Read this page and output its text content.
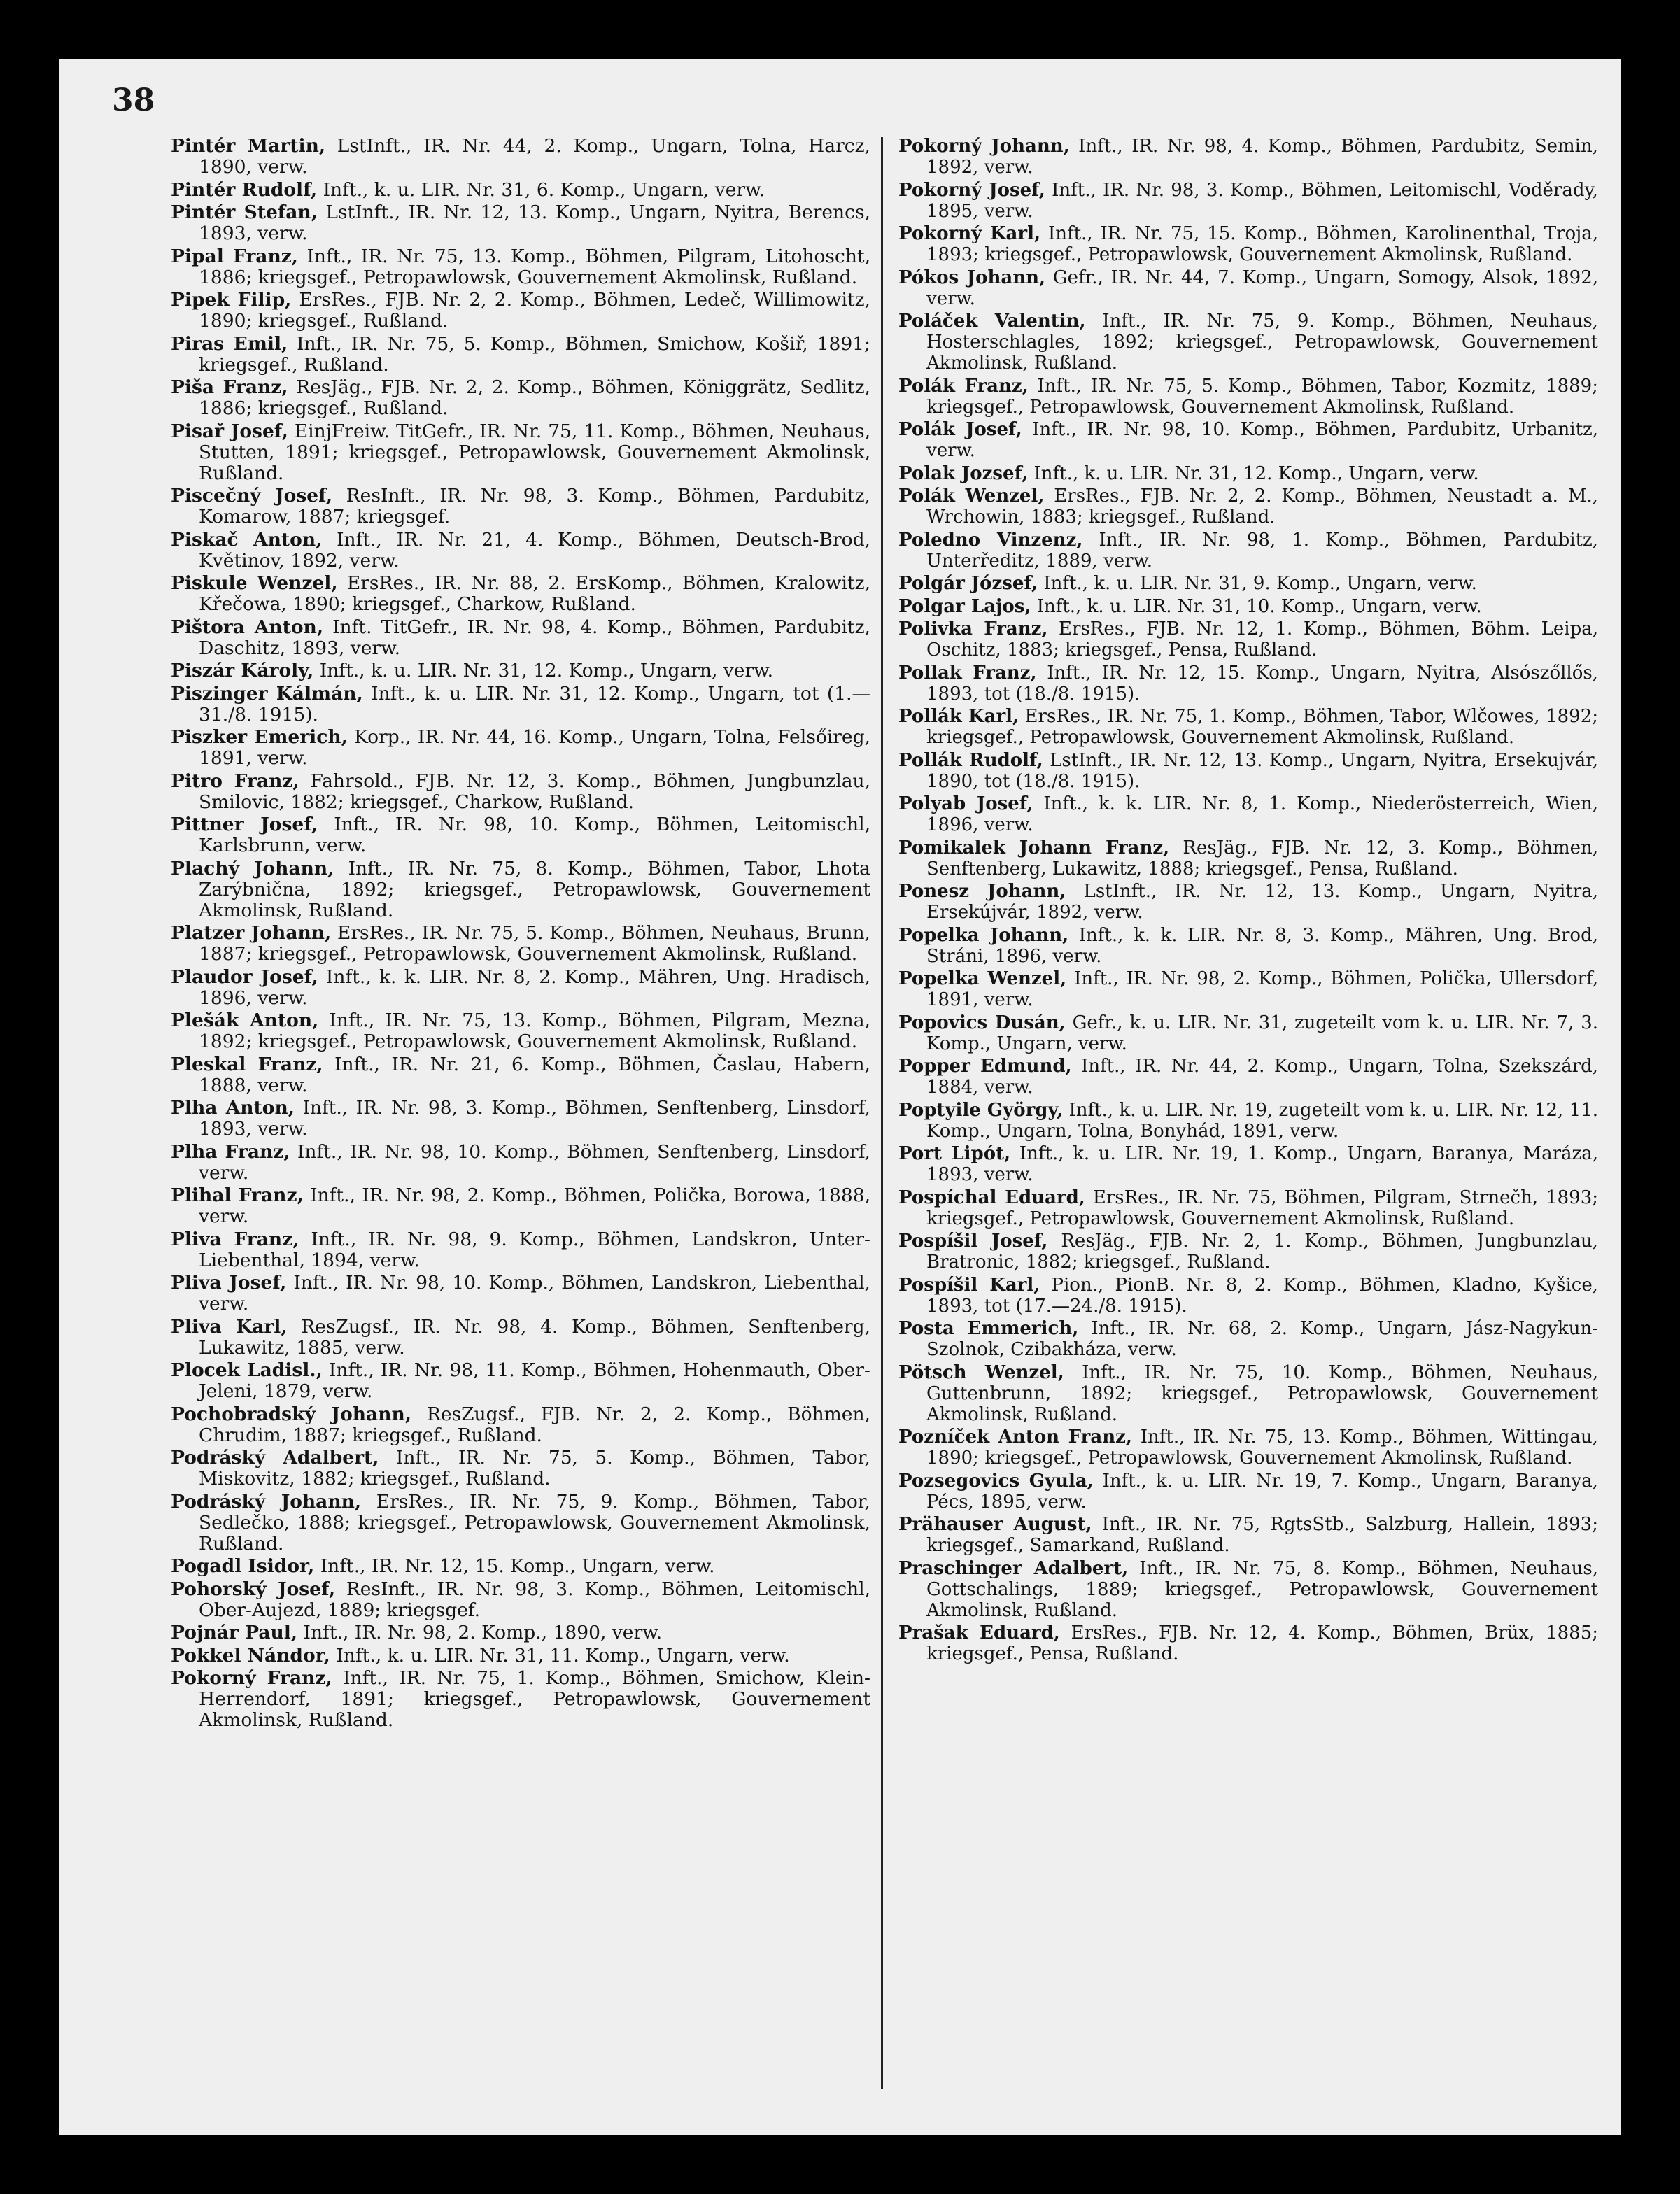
38

Pintér Martin, LstInft., IR. Nr. 44, 2. Komp., Ungarn, Tolna, Harcz, 1890, verw.

Pintér Rudolf, Inft., k. u. LIR. Nr. 31, 6. Komp., Ungarn, verw.

Pintér Stefan, LstInft., IR. Nr. 12, 13. Komp., Ungarn, Nyitra, Berencs, 1893, verw.

Pipal Franz, Inft., IR. Nr. 75, 13. Komp., Böhmen, Pilgram, Litohoscht, 1886; kriegsgef., Petropawlowsk, Gouvernement Akmolinsk, Rußland.

Pipek Filip, ErsRes., FJB. Nr. 2, 2. Komp., Böhmen, Ledeč, Willimowitz, 1890; kriegsgef., Rußland.

Piras Emil, Inft., IR. Nr. 75, 5. Komp., Böhmen, Smichow, Košiř, 1891; kriegsgef., Rußland.

Piša Franz, ResJäg., FJB. Nr. 2, 2. Komp., Böhmen, Königgrätz, Sedlitz, 1886; kriegsgef., Rußland.

Pisař Josef, EinjFreiw. TitGefr., IR. Nr. 75, 11. Komp., Böhmen, Neuhaus, Stutten, 1891; kriegsgef., Petropawlowsk, Gouvernement Akmolinsk, Rußland.

Piscečný Josef, ResInft., IR. Nr. 98, 3. Komp., Böhmen, Pardubitz, Komarow, 1887; kriegsgef.

Piskač Anton, Inft., IR. Nr. 21, 4. Komp., Böhmen, Deutsch-Brod, Květinov, 1892, verw.

Piskule Wenzel, ErsRes., IR. Nr. 88, 2. ErsKomp., Böhmen, Kralowitz, Křečowa, 1890; kriegsgef., Charkow, Rußland.

Pištora Anton, Inft. TitGefr., IR. Nr. 98, 4. Komp., Böhmen, Pardubitz, Daschitz, 1893, verw.

Piszár Károly, Inft., k. u. LIR. Nr. 31, 12. Komp., Ungarn, verw.

Piszinger Kálmán, Inft., k. u. LIR. Nr. 31, 12. Komp., Ungarn, tot (1.—31./8. 1915).

Piszker Emerich, Korp., IR. Nr. 44, 16. Komp., Ungarn, Tolna, Felsőireg, 1891, verw.

Pitro Franz, Fahrsold., FJB. Nr. 12, 3. Komp., Böhmen, Jungbunzlau, Smilovic, 1882; kriegsgef., Charkow, Rußland.

Pittner Josef, Inft., IR. Nr. 98, 10. Komp., Böhmen, Leitomischl, Karlsbrunn, verw.

Plachý Johann, Inft., IR. Nr. 75, 8. Komp., Böhmen, Tabor, Lhota Zarýbnična, 1892; kriegsgef., Petropawlowsk, Gouvernement Akmolinsk, Rußland.

Platzer Johann, ErsRes., IR. Nr. 75, 5. Komp., Böhmen, Neuhaus, Brunn, 1887; kriegsgef., Petropawlowsk, Gouvernement Akmolinsk, Rußland.

Plaudor Josef, Inft., k. k. LIR. Nr. 8, 2. Komp., Mähren, Ung. Hradisch, 1896, verw.

Plešák Anton, Inft., IR. Nr. 75, 13. Komp., Böhmen, Pilgram, Mezna, 1892; kriegsgef., Petropawlowsk, Gouvernement Akmolinsk, Rußland.

Pleskal Franz, Inft., IR. Nr. 21, 6. Komp., Böhmen, Časlau, Habern, 1888, verw.

Plha Anton, Inft., IR. Nr. 98, 3. Komp., Böhmen, Senftenberg, Linsdorf, 1893, verw.

Plha Franz, Inft., IR. Nr. 98, 10. Komp., Böhmen, Senftenberg, Linsdorf, verw.

Plihal Franz, Inft., IR. Nr. 98, 2. Komp., Böhmen, Polička, Borowa, 1888, verw.

Pliva Franz, Inft., IR. Nr. 98, 9. Komp., Böhmen, Landskron, Unter-Liebenthal, 1894, verw.

Pliva Josef, Inft., IR. Nr. 98, 10. Komp., Böhmen, Landskron, Liebenthal, verw.

Pliva Karl, ResZugsf., IR. Nr. 98, 4. Komp., Böhmen, Senftenberg, Lukawitz, 1885, verw.

Plocek Ladisl., Inft., IR. Nr. 98, 11. Komp., Böhmen, Hohenmauth, Ober-Jeleni, 1879, verw.

Pochobradský Johann, ResZugsf., FJB. Nr. 2, 2. Komp., Böhmen, Chrudim, 1887; kriegsgef., Rußland.

Podráský Adalbert, Inft., IR. Nr. 75, 5. Komp., Böhmen, Tabor, Miskovitz, 1882; kriegsgef., Rußland.

Podráský Johann, ErsRes., IR. Nr. 75, 9. Komp., Böhmen, Tabor, Sedlečko, 1888; kriegsgef., Petropawlowsk, Gouvernement Akmolinsk, Rußland.

Pogadl Isidor, Inft., IR. Nr. 12, 15. Komp., Ungarn, verw.

Pohorský Josef, ResInft., IR. Nr. 98, 3. Komp., Böhmen, Leitomischl, Ober-Aujezd, 1889; kriegsgef.

Pojnár Paul, Inft., IR. Nr. 98, 2. Komp., 1890, verw.

Pokkel Nándor, Inft., k. u. LIR. Nr. 31, 11. Komp., Ungarn, verw.

Pokorný Franz, Inft., IR. Nr. 75, 1. Komp., Böhmen, Smichow, Klein-Herrendorf, 1891; kriegsgef., Petropawlowsk, Gouvernement Akmolinsk, Rußland.

Pokorný Johann, Inft., IR. Nr. 98, 4. Komp., Böhmen, Pardubitz, Semin, 1892, verw.

Pokorný Josef, Inft., IR. Nr. 98, 3. Komp., Böhmen, Leitomischl, Voděrady, 1895, verw.

Pokorný Karl, Inft., IR. Nr. 75, 15. Komp., Böhmen, Karolinenthal, Troja, 1893; kriegsgef., Petropawlowsk, Gouvernement Akmolinsk, Rußland.

Pókos Johann, Gefr., IR. Nr. 44, 7. Komp., Ungarn, Somogy, Alsok, 1892, verw.

Poláček Valentin, Inft., IR. Nr. 75, 9. Komp., Böhmen, Neuhaus, Hosterschlagles, 1892; kriegsgef., Petropawlowsk, Gouvernement Akmolinsk, Rußland.

Polák Franz, Inft., IR. Nr. 75, 5. Komp., Böhmen, Tabor, Kozmitz, 1889; kriegsgef., Petropawlowsk, Gouvernement Akmolinsk, Rußland.

Polák Josef, Inft., IR. Nr. 98, 10. Komp., Böhmen, Pardubitz, Urbanitz, verw.

Polak Jozsef, Inft., k. u. LIR. Nr. 31, 12. Komp., Ungarn, verw.

Polák Wenzel, ErsRes., FJB. Nr. 2, 2. Komp., Böhmen, Neustadt a. M., Wrchowin, 1883; kriegsgef., Rußland.

Poledno Vinzenz, Inft., IR. Nr. 98, 1. Komp., Böhmen, Pardubitz, Unterředitz, 1889, verw.

Polgár József, Inft., k. u. LIR. Nr. 31, 9. Komp., Ungarn, verw.

Polgar Lajos, Inft., k. u. LIR. Nr. 31, 10. Komp., Ungarn, verw.

Polivka Franz, ErsRes., FJB. Nr. 12, 1. Komp., Böhmen, Böhm. Leipa, Oschitz, 1883; kriegsgef., Pensa, Rußland.

Pollak Franz, Inft., IR. Nr. 12, 15. Komp., Ungarn, Nyitra, Alsószőllős, 1893, tot (18./8. 1915).

Pollák Karl, ErsRes., IR. Nr. 75, 1. Komp., Böhmen, Tabor, Wlčowes, 1892; kriegsgef., Petropawlowsk, Gouvernement Akmolinsk, Rußland.

Pollák Rudolf, LstInft., IR. Nr. 12, 13. Komp., Ungarn, Nyitra, Ersekujvár, 1890, tot (18./8. 1915).

Polyab Josef, Inft., k. k. LIR. Nr. 8, 1. Komp., Niederösterreich, Wien, 1896, verw.

Pomikalek Johann Franz, ResJäg., FJB. Nr. 12, 3. Komp., Böhmen, Senftenberg, Lukawitz, 1888; kriegsgef., Pensa, Rußland.

Ponesz Johann, LstInft., IR. Nr. 12, 13. Komp., Ungarn, Nyitra, Ersekújvár, 1892, verw.

Popelka Johann, Inft., k. k. LIR. Nr. 8, 3. Komp., Mähren, Ung. Brod, Stráni, 1896, verw.

Popelka Wenzel, Inft., IR. Nr. 98, 2. Komp., Böhmen, Polička, Ullersdorf, 1891, verw.

Popovics Dusán, Gefr., k. u. LIR. Nr. 31, zugeteilt vom k. u. LIR. Nr. 7, 3. Komp., Ungarn, verw.

Popper Edmund, Inft., IR. Nr. 44, 2. Komp., Ungarn, Tolna, Szekszárd, 1884, verw.

Poptyile György, Inft., k. u. LIR. Nr. 19, zugeteilt vom k. u. LIR. Nr. 12, 11. Komp., Ungarn, Tolna, Bonyhád, 1891, verw.

Port Lipót, Inft., k. u. LIR. Nr. 19, 1. Komp., Ungarn, Baranya, Maráza, 1893, verw.

Pospíchal Eduard, ErsRes., IR. Nr. 75, Böhmen, Pilgram, Strnečh, 1893; kriegsgef., Petropawlowsk, Gouvernement Akmolinsk, Rußland.

Pospíšil Josef, ResJäg., FJB. Nr. 2, 1. Komp., Böhmen, Jungbunzlau, Bratronic, 1882; kriegsgef., Rußland.

Pospíšil Karl, Pion., PionB. Nr. 8, 2. Komp., Böhmen, Kladno, Kyšice, 1893, tot (17.—24./8. 1915).

Posta Emmerich, Inft., IR. Nr. 68, 2. Komp., Ungarn, Jász-Nagykun-Szolnok, Czibakháza, verw.

Pötsch Wenzel, Inft., IR. Nr. 75, 10. Komp., Böhmen, Neuhaus, Guttenbrunn, 1892; kriegsgef., Petropawlowsk, Gouvernement Akmolinsk, Rußland.

Pozníček Anton Franz, Inft., IR. Nr. 75, 13. Komp., Böhmen, Wittingau, 1890; kriegsgef., Petropawlowsk, Gouvernement Akmolinsk, Rußland.

Pozsegovics Gyula, Inft., k. u. LIR. Nr. 19, 7. Komp., Ungarn, Baranya, Pécs, 1895, verw.

Prähauser August, Inft., IR. Nr. 75, RgtsStb., Salzburg, Hallein, 1893; kriegsgef., Samarkand, Rußland.

Praschinger Adalbert, Inft., IR. Nr. 75, 8. Komp., Böhmen, Neuhaus, Gottschalings, 1889; kriegsgef., Petropawlowsk, Gouvernement Akmolinsk, Rußland.

Prašak Eduard, ErsRes., FJB. Nr. 12, 4. Komp., Böhmen, Brüx, 1885; kriegsgef., Pensa, Rußland.
